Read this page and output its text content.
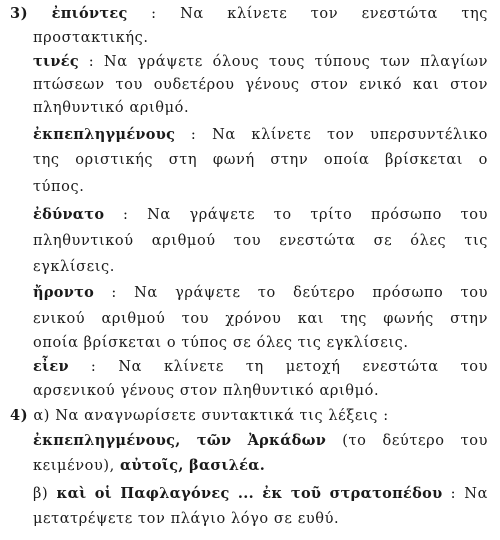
3) ἐπιόντες : Να κλίνετε τον ενεστώτα της
προστακτικής.
τινές : Να γράψετε όλους τους τύπους των πλαγίων
πτώσεων του ουδετέρου γένους στον ενικό και στον
πληθυντικό αριθμό.
ἐκπεπληγμένους : Να κλίνετε τον υπερσυντέλικο
της οριστικής στη φωνή στην οποία βρίσκεται ο
τύπος.
ἐδύνατο : Να γράψετε το τρίτο πρόσωπο του
πληθυντικού αριθμού του ενεστώτα σε όλες τις
εγκλίσεις.
ἤροντο : Να γράψετε το δεύτερο πρόσωπο του
ενικού αριθμού του χρόνου και της φωνής στην
οποία βρίσκεται ο τύπος σε όλες τις εγκλίσεις.
εἶεν : Να κλίνετε τη μετοχή ενεστώτα του
αρσενικού γένους στον πληθυντικό αριθμό.
4) α) Να αναγνωρίσετε συντακτικά τις λέξεις :
ἐκπεπληγμένους, τῶν Ἀρκάδων (το δεύτερο του
κειμένου), αὐτοῖς, βασιλέα.
β) καὶ οἱ Παφλαγόνες ... ἐκ τοῦ στρατοπέδου : Να
μετατρέψετε τον πλάγιο λόγο σε ευθύ.
